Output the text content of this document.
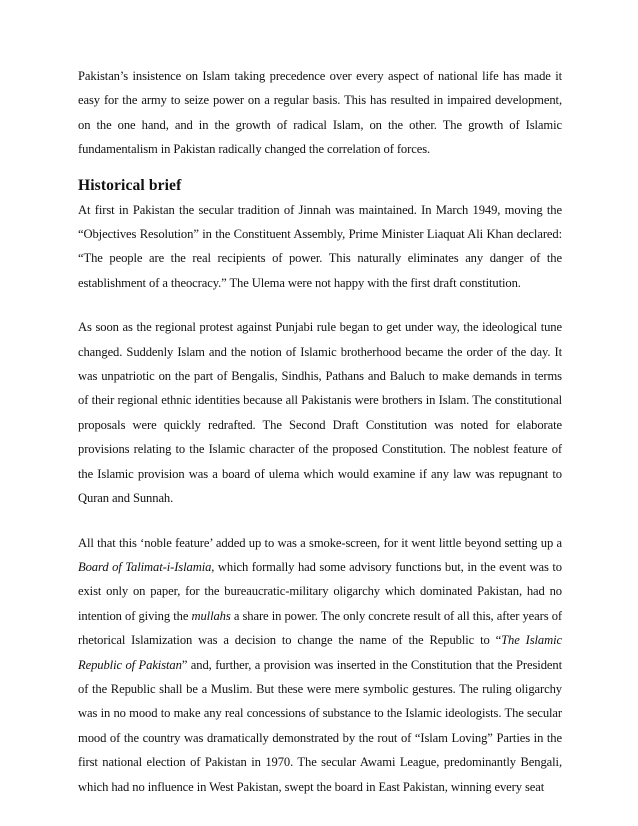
Pakistan’s insistence on Islam taking precedence over every aspect of national life has made it easy for the army to seize power on a regular basis. This has resulted in impaired development, on the one hand, and in the growth of radical Islam, on the other. The growth of Islamic fundamentalism in Pakistan radically changed the correlation of forces.

Historical brief

At first in Pakistan the secular tradition of Jinnah was maintained. In March 1949, moving the “Objectives Resolution” in the Constituent Assembly, Prime Minister Liaquat Ali Khan declared: “The people are the real recipients of power. This naturally eliminates any danger of the establishment of a theocracy.” The Ulema were not happy with the first draft constitution.

As soon as the regional protest against Punjabi rule began to get under way, the ideological tune changed. Suddenly Islam and the notion of Islamic brotherhood became the order of the day. It was unpatriotic on the part of Bengalis, Sindhis, Pathans and Baluch to make demands in terms of their regional ethnic identities because all Pakistanis were brothers in Islam. The constitutional proposals were quickly redrafted. The Second Draft Constitution was noted for elaborate provisions relating to the Islamic character of the proposed Constitution. The noblest feature of the Islamic provision was a board of ulema which would examine if any law was repugnant to Quran and Sunnah.

All that this ‘noble feature’ added up to was a smoke-screen, for it went little beyond setting up a Board of Talimat-i-Islamia, which formally had some advisory functions but, in the event was to exist only on paper, for the bureaucratic-military oligarchy which dominated Pakistan, had no intention of giving the mullahs a share in power. The only concrete result of all this, after years of rhetorical Islamization was a decision to change the name of the Republic to “The Islamic Republic of Pakistan” and, further, a provision was inserted in the Constitution that the President of the Republic shall be a Muslim. But these were mere symbolic gestures. The ruling oligarchy was in no mood to make any real concessions of substance to the Islamic ideologists. The secular mood of the country was dramatically demonstrated by the rout of “Islam Loving” Parties in the first national election of Pakistan in 1970. The secular Awami League, predominantly Bengali, which had no influence in West Pakistan, swept the board in East Pakistan, winning every seat
